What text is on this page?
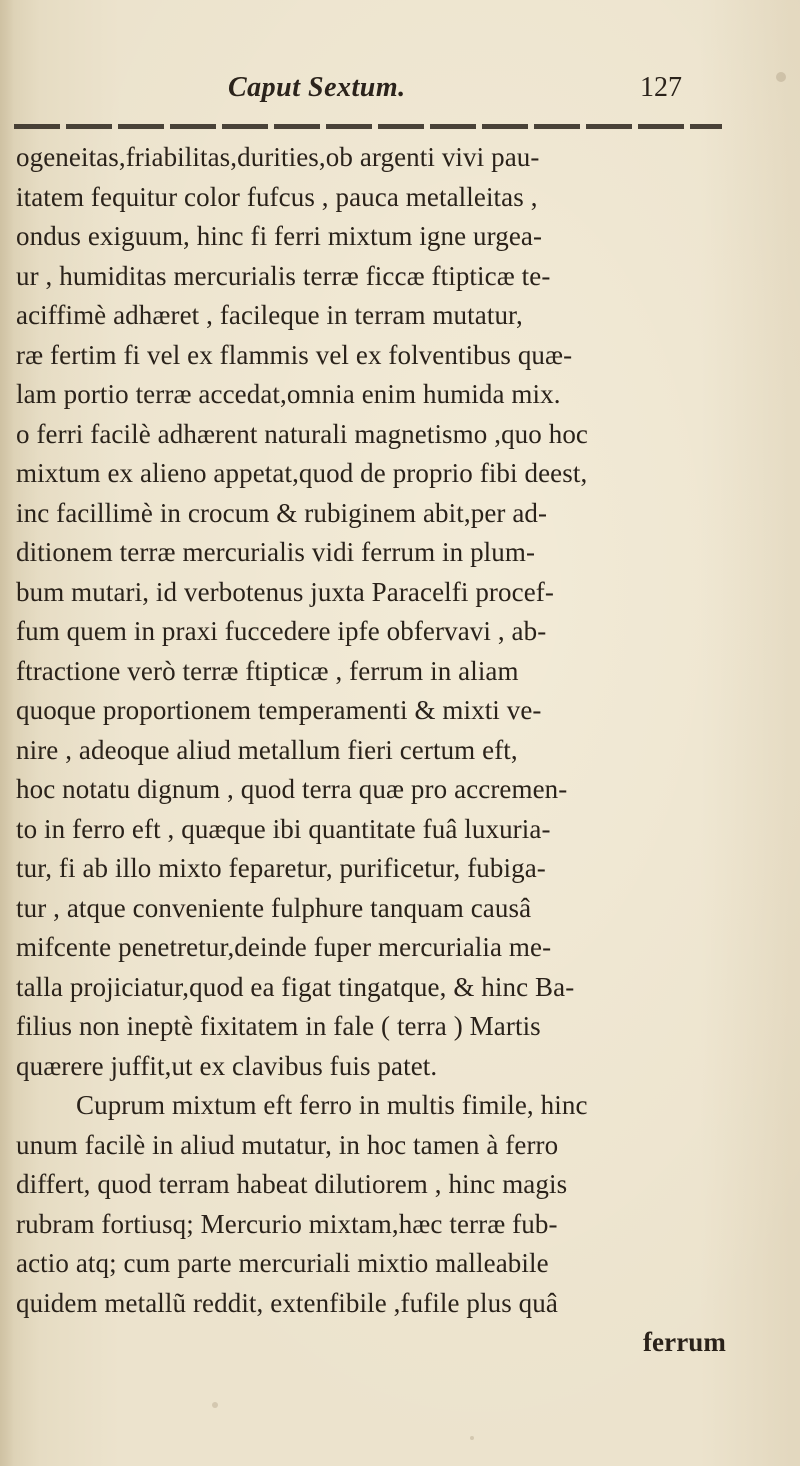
Caput Sextum.	127
ogeneitas,friabilitas,durities,ob argenti vivi pau-
itatem fequitur color fufcus , pauca metalleitas ,
ondus exiguum, hinc fi ferri mixtum igne urgea-
ur , humiditas mercurialis terræ ficcæ ftipticæ te-
aciffimè adhæret , facileque in terram mutatur,
ræ fertim fi vel ex flammis vel ex folventibus quæ-
lam portio terræ accedat,omnia enim humida mix.
o ferri facilè adhærent naturali magnetismo ,quo hoc
mixtum ex alieno appetat,quod de proprio fibi deest,
inc facillimè in crocum & rubiginem abit,per ad-
ditionem terræ mercurialis vidi ferrum in plum-
bum mutari, id verbotenus juxta Paracelfi procef-
fum quem in praxi fuccedere ipfe obfervavi , ab-
ftractione verò terræ ftipticæ , ferrum in aliam
quoque proportionem temperamenti & mixti ve-
nire , adeoque aliud metallum fieri certum eft,
hoc notatu dignum , quod terra quæ pro accremen-
to in ferro eft , quæque ibi quantitate fuâ luxuria-
tur, fi ab illo mixto feparetur, purificetur, fubiga-
tur , atque conveniente fulphure tanquam causâ
mifcente penetretur,deinde fuper mercurialia me-
talla projiciatur,quod ea figat tingatque, & hinc Ba-
filius non ineptè fixitatem in fale ( terra ) Martis
quærere juffit,ut ex clavibus fuis patet.
Cuprum mixtum eft ferro in multis fimile, hinc
unum facilè in aliud mutatur, in hoc tamen à ferro
differt, quod terram habeat dilutiorem , hinc magis
rubram fortiusq; Mercurio mixtam,hæc terræ fub-
actio atq; cum parte mercuriali mixtio malleabile
quidem metallũ reddit, extenfibile ,fufile plus quâ
ferrum
